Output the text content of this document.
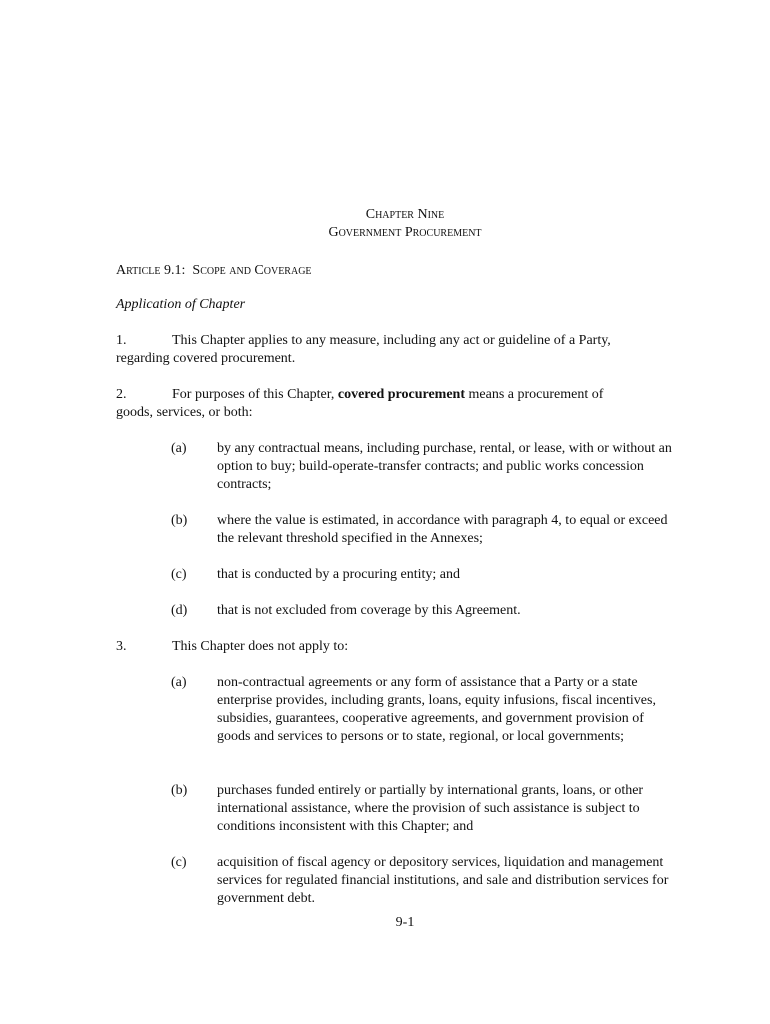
Chapter Nine
Government Procurement
Article 9.1: Scope and Coverage
Application of Chapter
1.	This Chapter applies to any measure, including any act or guideline of a Party,
regarding covered procurement.
2.	For purposes of this Chapter, covered procurement means a procurement of
goods, services, or both:
(a) by any contractual means, including purchase, rental, or lease, with or without an option to buy; build-operate-transfer contracts; and public works concession contracts;
(b) where the value is estimated, in accordance with paragraph 4, to equal or exceed the relevant threshold specified in the Annexes;
(c) that is conducted by a procuring entity; and
(d) that is not excluded from coverage by this Agreement.
3.	This Chapter does not apply to:
(a) non-contractual agreements or any form of assistance that a Party or a state enterprise provides, including grants, loans, equity infusions, fiscal incentives, subsidies, guarantees, cooperative agreements, and government provision of goods and services to persons or to state, regional, or local governments;
(b) purchases funded entirely or partially by international grants, loans, or other international assistance, where the provision of such assistance is subject to conditions inconsistent with this Chapter; and
(c) acquisition of fiscal agency or depository services, liquidation and management services for regulated financial institutions, and sale and distribution services for government debt.
9-1
